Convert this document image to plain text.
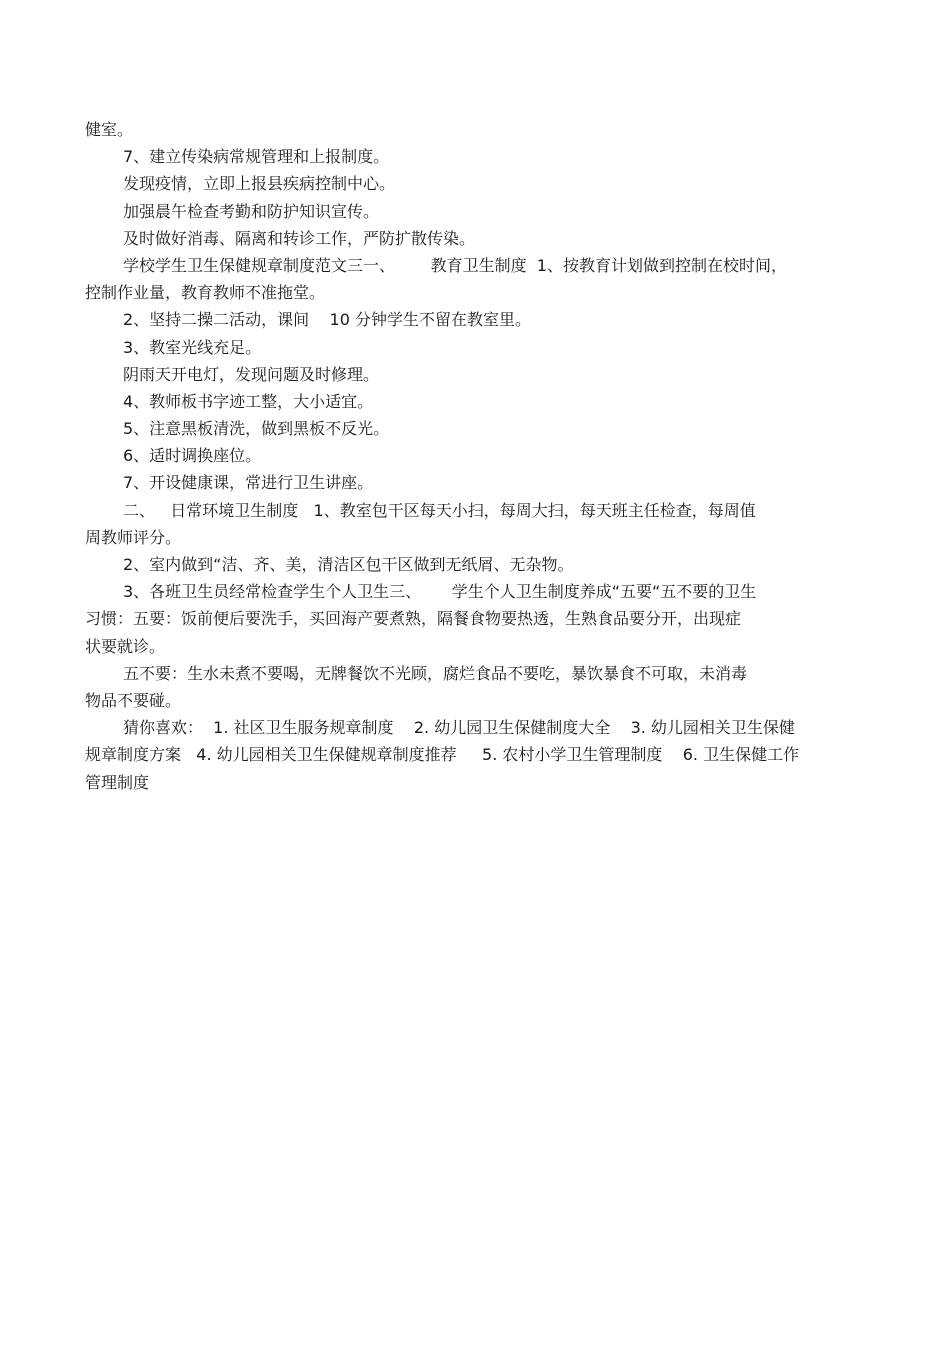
健室。
7、建立传染病常规管理和上报制度。
发现疫情，立即上报县疾病控制中心。
加强晨午检查考勤和防护知识宣传。
及时做好消毒、隔离和转诊工作，严防扩散传染。
学校学生卫生保健规章制度范文三一、       教育卫生制度  1、按教育计划做到控制在校时间，
控制作业量，教育教师不准拖堂。
2、坚持二操二活动，课间    10 分钟学生不留在教室里。
3、教室光线充足。
阴雨天开电灯，发现问题及时修理。
4、教师板书字迹工整，大小适宜。
5、注意黑板清洗，做到黑板不反光。
6、适时调换座位。
7、开设健康课，常进行卫生讲座。
二、   日常环境卫生制度   1、教室包干区每天小扫，每周大扫，每天班主任检查，每周值
周教师评分。
2、室内做到“洁、齐、美，清洁区包干区做到无纸屑、无杂物。
3、各班卫生员经常检查学生个人卫生三、      学生个人卫生制度养成“五要“五不要的卫生
习惯：五要：饭前便后要洗手，买回海产要煮熟，隔餐食物要热透，生熟食品要分开，出现症
状要就诊。
五不要：生水未煮不要喝，无牌餐饮不光顾，腐烂食品不要吃，暴饮暴食不可取，未消毒
物品不要碰。
猜你喜欢：  1. 社区卫生服务规章制度    2. 幼儿园卫生保健制度大全    3. 幼儿园相关卫生保健
规章制度方案   4. 幼儿园相关卫生保健规章制度推荐     5. 农村小学卫生管理制度    6. 卫生保健工作
管理制度
